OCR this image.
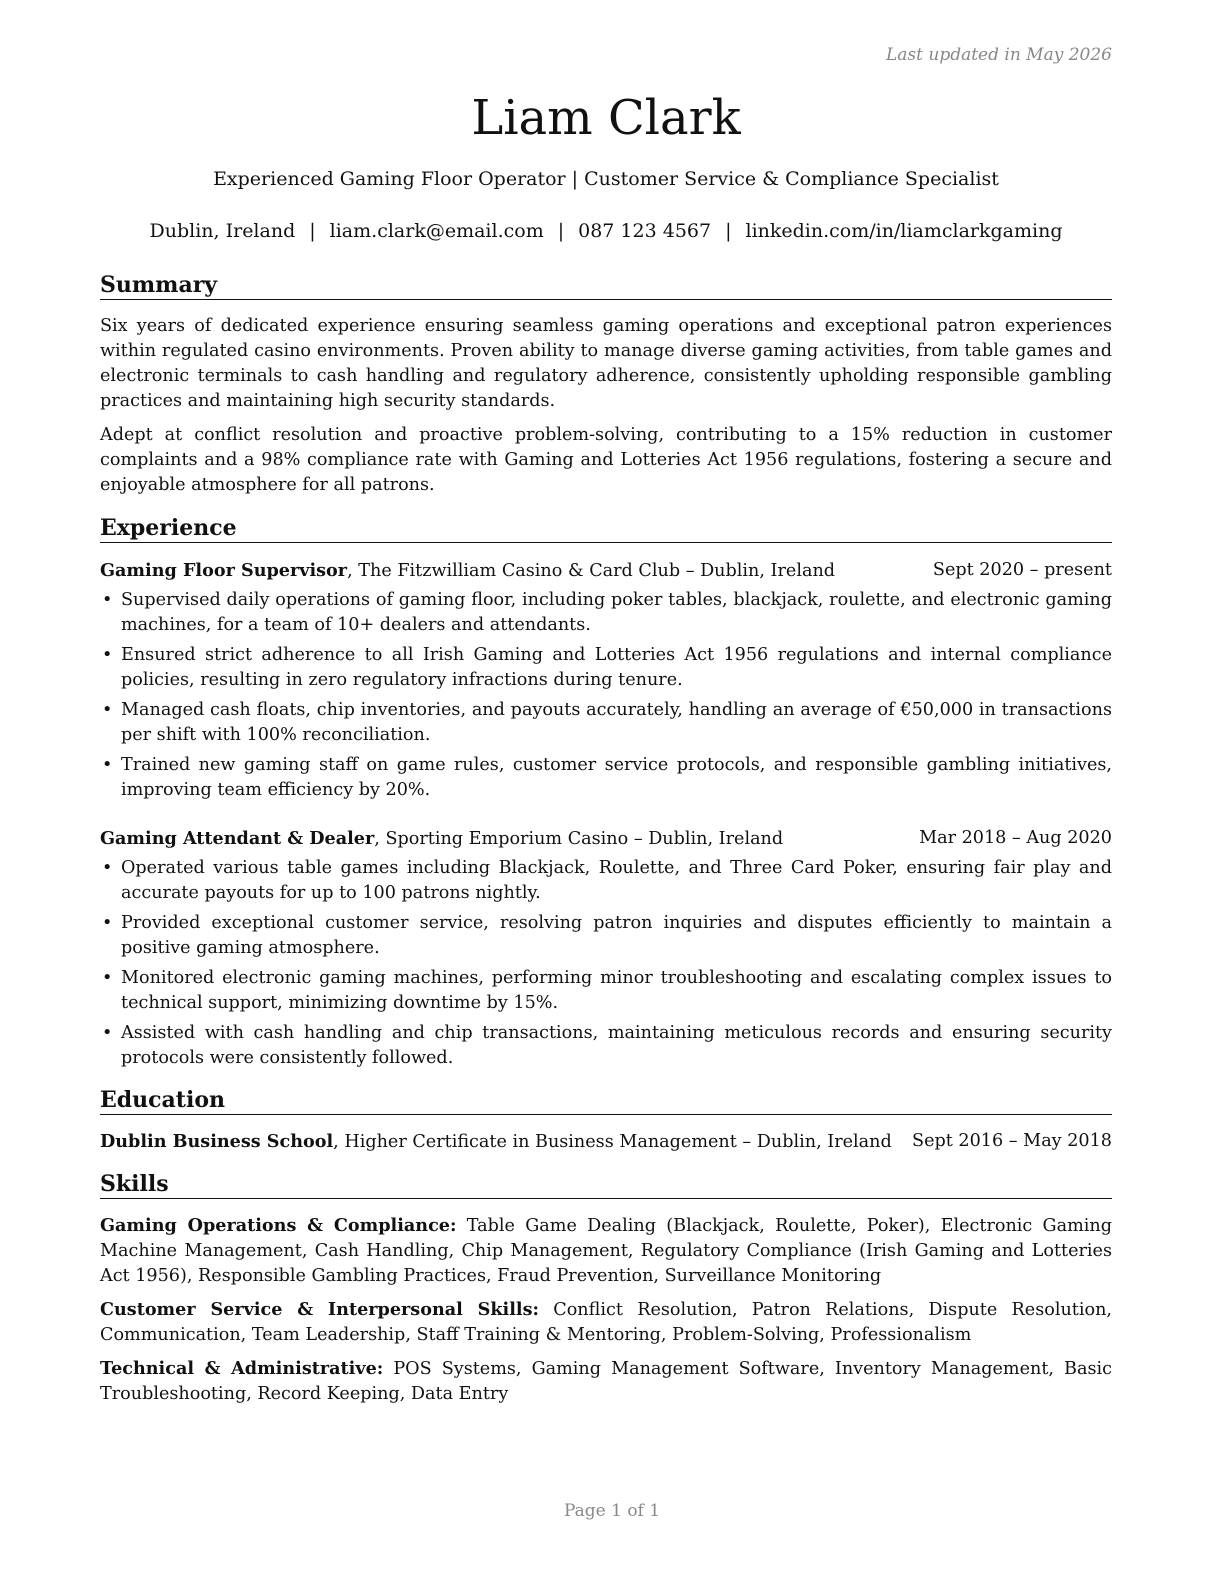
Last updated in May 2026
Liam Clark
Experienced Gaming Floor Operator | Customer Service & Compliance Specialist
Dublin, Ireland | liam.clark@email.com | 087 123 4567 | linkedin.com/in/liamclarkgaming
Summary
Six years of dedicated experience ensuring seamless gaming operations and exceptional patron experiences within regulated casino environments. Proven ability to manage diverse gaming activities, from table games and electronic terminals to cash handling and regulatory adherence, consistently upholding responsible gambling practices and maintaining high security standards.
Adept at conflict resolution and proactive problem-solving, contributing to a 15% reduction in customer complaints and a 98% compliance rate with Gaming and Lotteries Act 1956 regulations, fostering a secure and enjoyable atmosphere for all patrons.
Experience
Gaming Floor Supervisor, The Fitzwilliam Casino & Card Club – Dublin, Ireland	Sept 2020 – present
• Supervised daily operations of gaming floor, including poker tables, blackjack, roulette, and electronic gaming machines, for a team of 10+ dealers and attendants.
• Ensured strict adherence to all Irish Gaming and Lotteries Act 1956 regulations and internal compliance policies, resulting in zero regulatory infractions during tenure.
• Managed cash floats, chip inventories, and payouts accurately, handling an average of €50,000 in transactions per shift with 100% reconciliation.
• Trained new gaming staff on game rules, customer service protocols, and responsible gambling initiatives, improving team efficiency by 20%.
Gaming Attendant & Dealer, Sporting Emporium Casino – Dublin, Ireland	Mar 2018 – Aug 2020
• Operated various table games including Blackjack, Roulette, and Three Card Poker, ensuring fair play and accurate payouts for up to 100 patrons nightly.
• Provided exceptional customer service, resolving patron inquiries and disputes efficiently to maintain a positive gaming atmosphere.
• Monitored electronic gaming machines, performing minor troubleshooting and escalating complex issues to technical support, minimizing downtime by 15%.
• Assisted with cash handling and chip transactions, maintaining meticulous records and ensuring security protocols were consistently followed.
Education
Dublin Business School, Higher Certificate in Business Management – Dublin, Ireland Sept 2016 – May 2018
Skills
Gaming Operations & Compliance: Table Game Dealing (Blackjack, Roulette, Poker), Electronic Gaming Machine Management, Cash Handling, Chip Management, Regulatory Compliance (Irish Gaming and Lotteries Act 1956), Responsible Gambling Practices, Fraud Prevention, Surveillance Monitoring
Customer Service & Interpersonal Skills: Conflict Resolution, Patron Relations, Dispute Resolution, Communication, Team Leadership, Staff Training & Mentoring, Problem-Solving, Professionalism
Technical & Administrative: POS Systems, Gaming Management Software, Inventory Management, Basic Troubleshooting, Record Keeping, Data Entry
Page 1 of 1
